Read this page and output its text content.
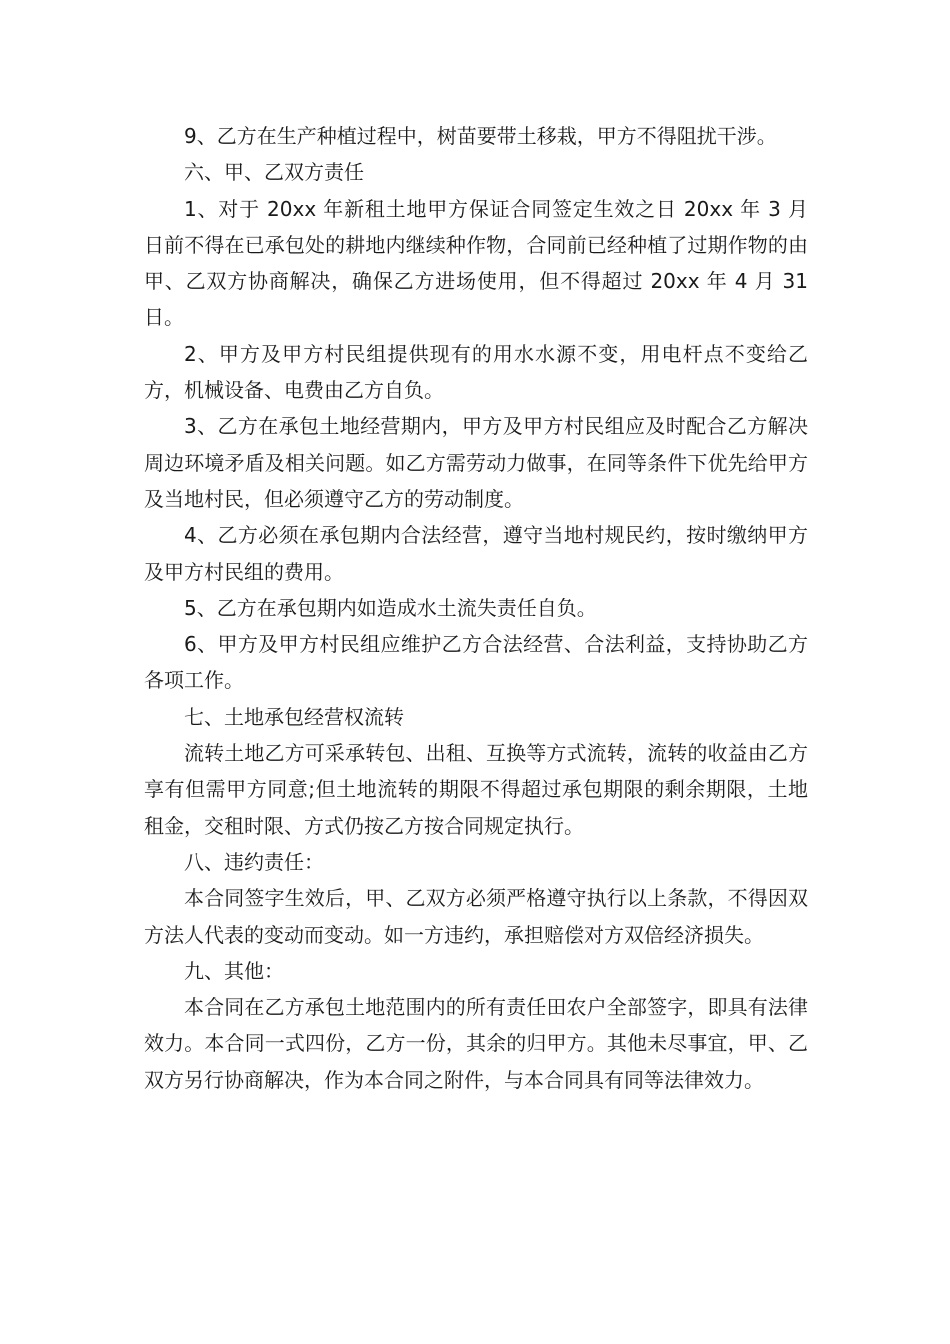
9、乙方在生产种植过程中，树苗要带土移栽，甲方不得阻扰干涉。

六、甲、乙双方责任

1、对于 20xx 年新租土地甲方保证合同签定生效之日 20xx 年 3 月 日前不得在已承包处的耕地内继续种作物，合同前已经种植了过期作物的由甲、乙双方协商解决，确保乙方进场使用，但不得超过 20xx 年 4 月 31 日。

2、甲方及甲方村民组提供现有的用水水源不变，用电杆点不变给乙方，机械设备、电费由乙方自负。

3、乙方在承包土地经营期内，甲方及甲方村民组应及时配合乙方解决周边环境矛盾及相关问题。如乙方需劳动力做事，在同等条件下优先给甲方及当地村民，但必须遵守乙方的劳动制度。

4、乙方必须在承包期内合法经营，遵守当地村规民约，按时缴纳甲方及甲方村民组的费用。

5、乙方在承包期内如造成水土流失责任自负。

6、甲方及甲方村民组应维护乙方合法经营、合法利益，支持协助乙方各项工作。

七、土地承包经营权流转

流转土地乙方可采承转包、出租、互换等方式流转，流转的收益由乙方享有但需甲方同意;但土地流转的期限不得超过承包期限的剩余期限，土地租金，交租时限、方式仍按乙方按合同规定执行。

八、违约责任：

本合同签字生效后，甲、乙双方必须严格遵守执行以上条款，不得因双方法人代表的变动而变动。如一方违约，承担赔偿对方双倍经济损失。

九、其他：

本合同在乙方承包土地范围内的所有责任田农户全部签字，即具有法律效力。本合同一式四份，乙方一份，其余的归甲方。其他未尽事宜，甲、乙双方另行协商解决，作为本合同之附件，与本合同具有同等法律效力。
